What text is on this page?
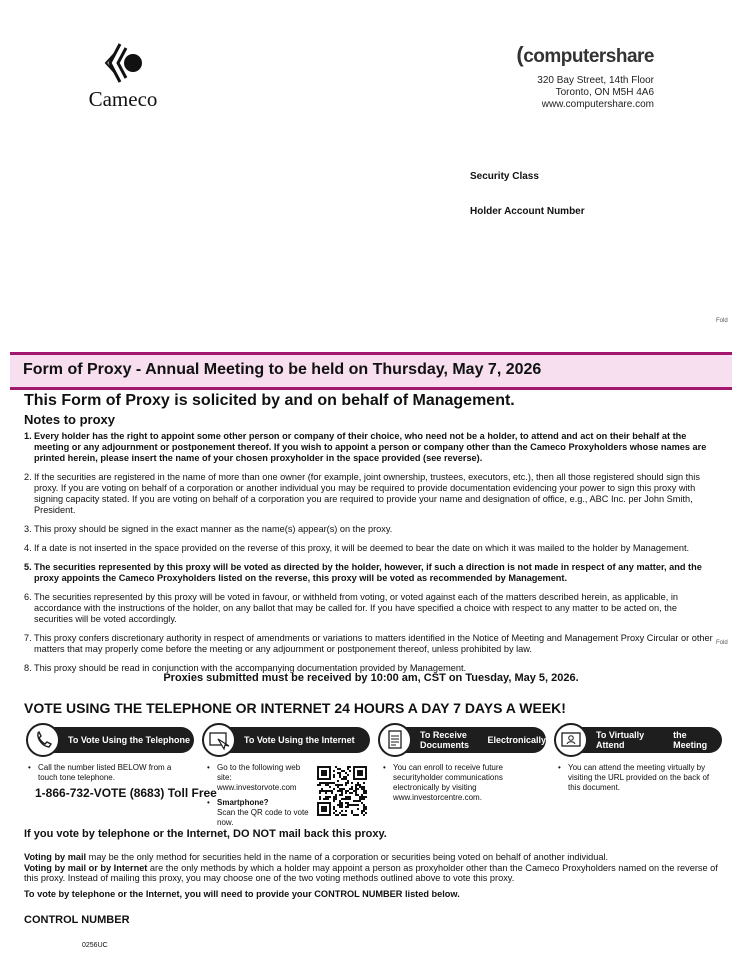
Cameco
(computershare
320 Bay Street, 14th Floor
Toronto, ON M5H 4A6
www.computershare.com
Security Class
Holder Account Number
Fold
Fold
Form of Proxy - Annual Meeting to be held on Thursday, May 7, 2026
This Form of Proxy is solicited by and on behalf of Management.
Notes to proxy
1. Every holder has the right to appoint some other person or company of their choice, who need not be a holder, to attend and act on their behalf at the meeting or any adjournment or postponement thereof. If you wish to appoint a person or company other than the Cameco Proxyholders whose names are printed herein, please insert the name of your chosen proxyholder in the space provided (see reverse).
2. If the securities are registered in the name of more than one owner (for example, joint ownership, trustees, executors, etc.), then all those registered should sign this proxy. If you are voting on behalf of a corporation or another individual you may be required to provide documentation evidencing your power to sign this proxy with signing capacity stated. If you are voting on behalf of a corporation you are required to provide your name and designation of office, e.g., ABC Inc. per John Smith, President.
3. This proxy should be signed in the exact manner as the name(s) appear(s) on the proxy.
4. If a date is not inserted in the space provided on the reverse of this proxy, it will be deemed to bear the date on which it was mailed to the holder by Management.
5. The securities represented by this proxy will be voted as directed by the holder, however, if such a direction is not made in respect of any matter, and the proxy appoints the Cameco Proxyholders listed on the reverse, this proxy will be voted as recommended by Management.
6. The securities represented by this proxy will be voted in favour, or withheld from voting, or voted against each of the matters described herein, as applicable, in accordance with the instructions of the holder, on any ballot that may be called for. If you have specified a choice with respect to any matter to be acted on, the securities will be voted accordingly.
7. This proxy confers discretionary authority in respect of amendments or variations to matters identified in the Notice of Meeting and Management Proxy Circular or other matters that may properly come before the meeting or any adjournment or postponement thereof, unless prohibited by law.
8. This proxy should be read in conjunction with the accompanying documentation provided by Management.
Proxies submitted must be received by 10:00 am, CST on Tuesday, May 5, 2026.
VOTE USING THE TELEPHONE OR INTERNET 24 HOURS A DAY 7 DAYS A WEEK!
To Vote Using the Telephone	To Vote Using the Internet	To Receive Documents	Electronically	To Virtually Attend

the Meeting
• Call the number listed BELOW from a touch tone telephone.
1-866-732-VOTE (8683) Toll Free
• Go to the following web site: www.investorvote.com
• Smartphone?
Scan the QR code to vote now.
• You can enroll to receive future securityholder communications electronically by visiting www.investorcentre.com.
• You can attend the meeting virtually by visiting the URL provided on the back of this document.
If you vote by telephone or the Internet, DO NOT mail back this proxy.
Voting by mail may be the only method for securities held in the name of a corporation or securities being voted on behalf of another individual.
Voting by mail or by Internet are the only methods by which a holder may appoint a person as proxyholder other than the Cameco Proxyholders named on the reverse of this proxy. Instead of mailing this proxy, you may choose one of the two voting methods outlined above to vote this proxy.
To vote by telephone or the Internet, you will need to provide your CONTROL NUMBER listed below.
CONTROL NUMBER
0256UC
